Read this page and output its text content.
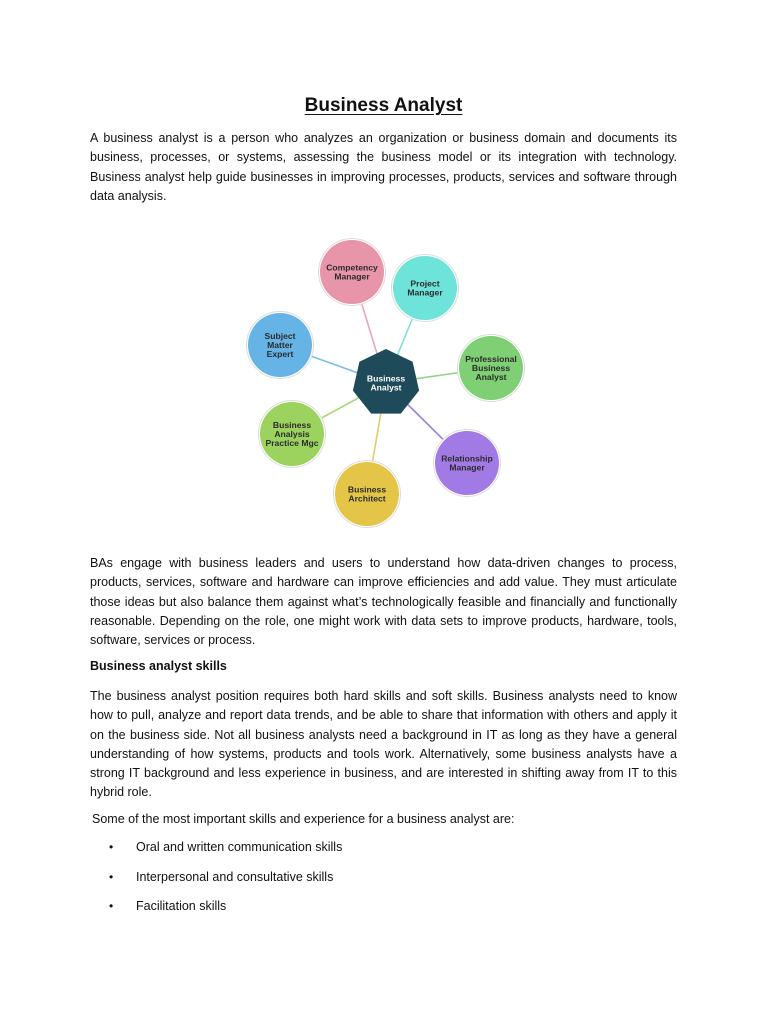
Business Analyst

A business analyst is a person who analyzes an organization or business domain and documents its business, processes, or systems, assessing the business model or its integration with technology. Business analyst help guide businesses in improving processes, products, services and software through data analysis.

Business
Analyst
Competency
Manager
Project
Manager
Professional
Business
Analyst
Relationship
Manager
Business
Architect
Business
Analysis
Practice Mgc
Subject
Matter
Expert

BAs engage with business leaders and users to understand how data-driven changes to process, products, services, software and hardware can improve efficiencies and add value. They must articulate those ideas but also balance them against what’s technologically feasible and financially and functionally reasonable. Depending on the role, one might work with data sets to improve products, hardware, tools, software, services or process.

Business analyst skills

The business analyst position requires both hard skills and soft skills. Business analysts need to know how to pull, analyze and report data trends, and be able to share that information with others and apply it on the business side. Not all business analysts need a background in IT as long as they have a general understanding of how systems, products and tools work. Alternatively, some business analysts have a strong IT background and less experience in business, and are interested in shifting away from IT to this hybrid role.

Some of the most important skills and experience for a business analyst are:

• Oral and written communication skills
• Interpersonal and consultative skills
• Facilitation skills
